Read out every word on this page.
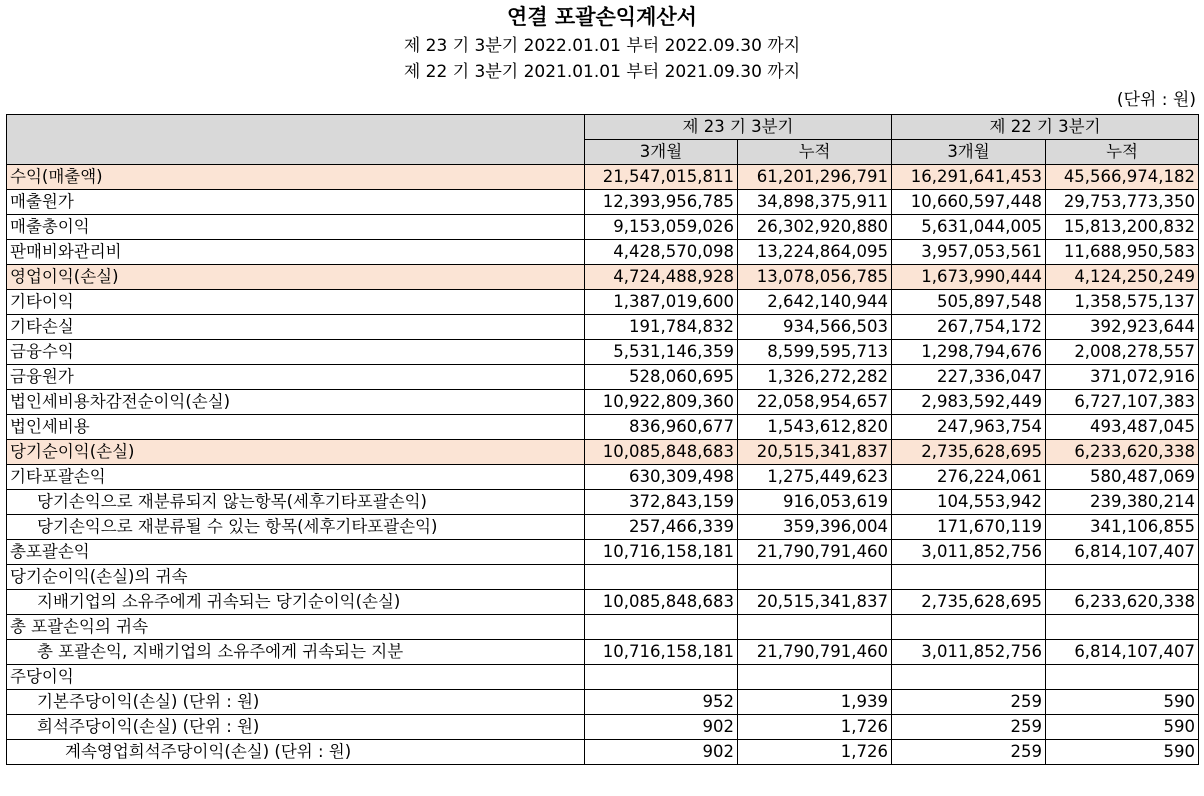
연결 포괄손익계산서
제 23 기 3분기 2022.01.01 부터 2022.09.30 까지
제 22 기 3분기 2021.01.01 부터 2021.09.30 까지
(단위 : 원)
	제 23 기 3분기		제 22 기 3분기	
	3개월	누적	3개월	누적
수익(매출액)	21,547,015,811	61,201,296,791	16,291,641,453	45,566,974,182
매출원가	12,393,956,785	34,898,375,911	10,660,597,448	29,753,773,350
매출총이익	9,153,059,026	26,302,920,880	5,631,044,005	15,813,200,832
판매비와관리비	4,428,570,098	13,224,864,095	3,957,053,561	11,688,950,583
영업이익(손실)	4,724,488,928	13,078,056,785	1,673,990,444	4,124,250,249
기타이익	1,387,019,600	2,642,140,944	505,897,548	1,358,575,137
기타손실	191,784,832	934,566,503	267,754,172	392,923,644
금융수익	5,531,146,359	8,599,595,713	1,298,794,676	2,008,278,557
금융원가	528,060,695	1,326,272,282	227,336,047	371,072,916
법인세비용차감전순이익(손실)	10,922,809,360	22,058,954,657	2,983,592,449	6,727,107,383
법인세비용	836,960,677	1,543,612,820	247,963,754	493,487,045
당기순이익(손실)	10,085,848,683	20,515,341,837	2,735,628,695	6,233,620,338
기타포괄손익	630,309,498	1,275,449,623	276,224,061	580,487,069
당기손익으로 재분류되지 않는항목(세후기타포괄손익)	372,843,159	916,053,619	104,553,942	239,380,214
당기손익으로 재분류될 수 있는 항목(세후기타포괄손익)	257,466,339	359,396,004	171,670,119	341,106,855
총포괄손익	10,716,158,181	21,790,791,460	3,011,852,756	6,814,107,407
당기순이익(손실)의 귀속				
지배기업의 소유주에게 귀속되는 당기순이익(손실)	10,085,848,683	20,515,341,837	2,735,628,695	6,233,620,338
총 포괄손익의 귀속				
총 포괄손익, 지배기업의 소유주에게 귀속되는 지분	10,716,158,181	21,790,791,460	3,011,852,756	6,814,107,407
주당이익				
기본주당이익(손실) (단위 : 원)	952	1,939	259	590
희석주당이익(손실) (단위 : 원)	902	1,726	259	590
계속영업희석주당이익(손실) (단위 : 원)	902	1,726	259	590
